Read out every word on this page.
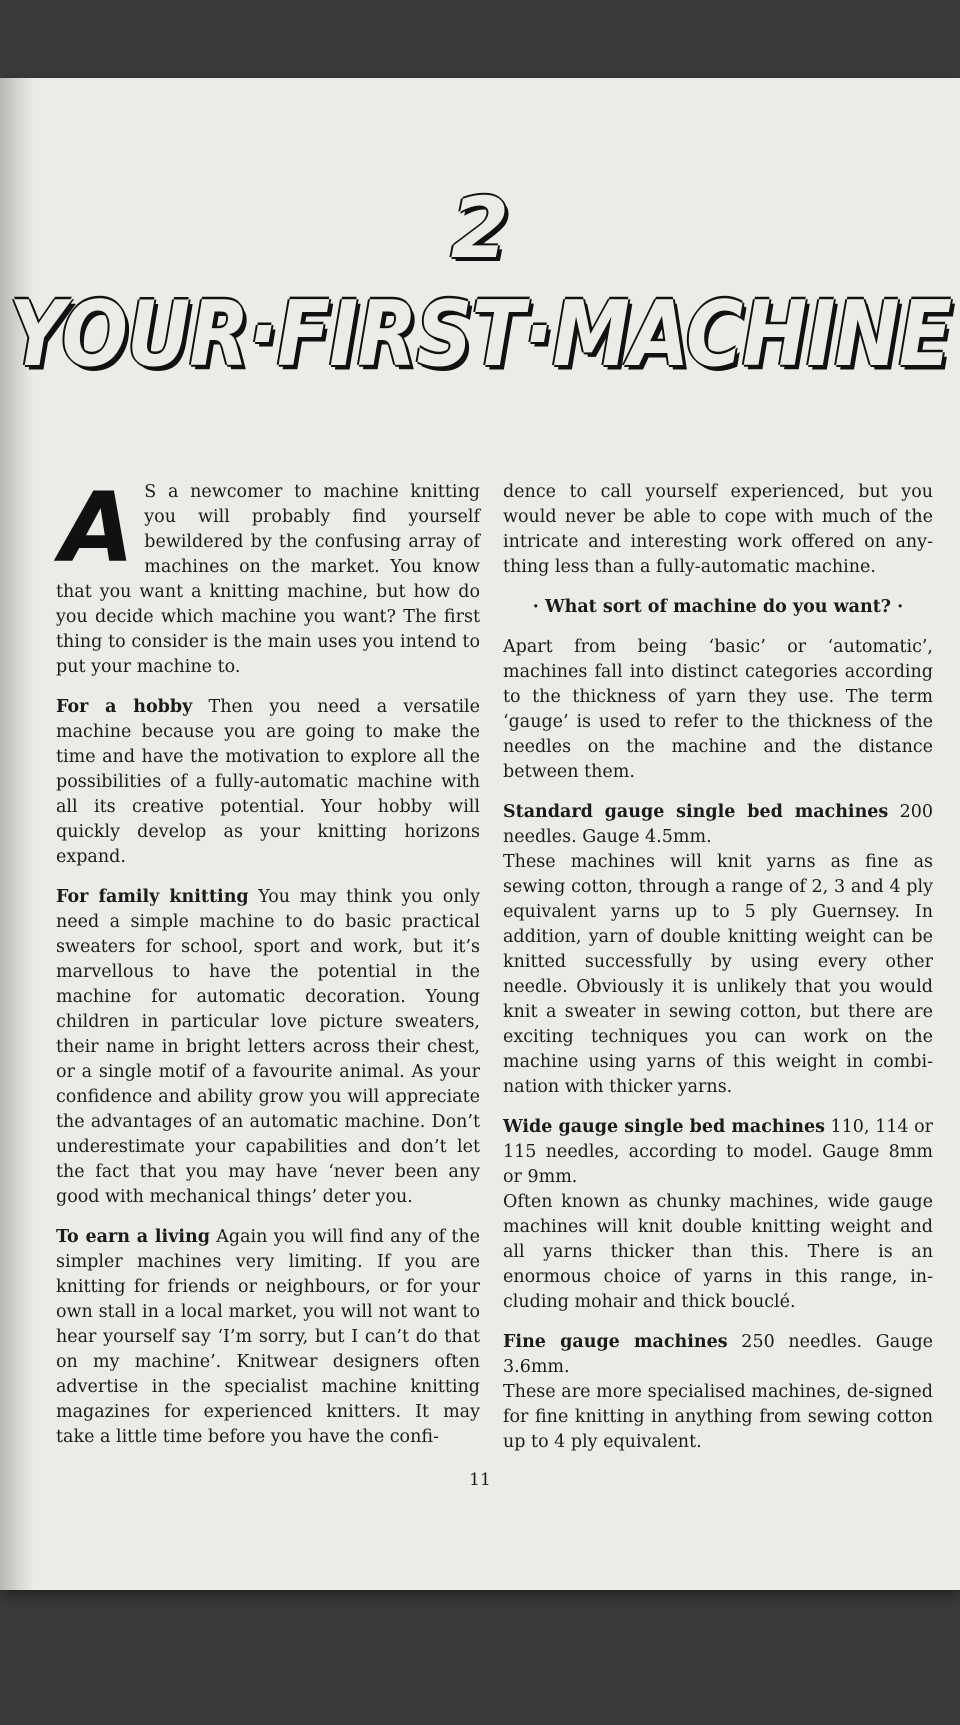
2
YOUR·FIRST·MACHINE

A S a newcomer to machine knitting you will probably find yourself bewildered by the confusing array of machines on the market. You know that you want a knitting machine, but how do you decide which machine you want? The first thing to consider is the main uses you intend to put your machine to.

For a hobby Then you need a versatile machine because you are going to make the time and have the motivation to explore all the possibilities of a fully-automatic machine with all its creative potential. Your hobby will quickly develop as your knitting horizons expand.

For family knitting You may think you only need a simple machine to do basic practical sweaters for school, sport and work, but it’s marvellous to have the potential in the machine for automatic decoration. Young children in particular love picture sweaters, their name in bright letters across their chest, or a single motif of a favourite animal. As your confidence and ability grow you will appreciate the advantages of an automatic machine. Don’t underestimate your capabilities and don’t let the fact that you may have ‘never been any good with mechanical things’ deter you.

To earn a living Again you will find any of the simpler machines very limiting. If you are knitting for friends or neighbours, or for your own stall in a local market, you will not want to hear yourself say ‘I’m sorry, but I can’t do that on my machine’. Knitwear designers often advertise in the specialist machine knitting magazines for experienced knitters. It may take a little time before you have the confi-

dence to call yourself experienced, but you would never be able to cope with much of the intricate and interesting work offered on any-thing less than a fully-automatic machine.

· What sort of machine do you want? ·

Apart from being ‘basic’ or ‘automatic’, machines fall into distinct categories according to the thickness of yarn they use. The term ‘gauge’ is used to refer to the thickness of the needles on the machine and the distance between them.

Standard gauge single bed machines 200 needles. Gauge 4.5mm.
These machines will knit yarns as fine as sewing cotton, through a range of 2, 3 and 4 ply equivalent yarns up to 5 ply Guernsey. In addition, yarn of double knitting weight can be knitted successfully by using every other needle. Obviously it is unlikely that you would knit a sweater in sewing cotton, but there are exciting techniques you can work on the machine using yarns of this weight in combi-nation with thicker yarns.

Wide gauge single bed machines 110, 114 or 115 needles, according to model. Gauge 8mm or 9mm.
Often known as chunky machines, wide gauge machines will knit double knitting weight and all yarns thicker than this. There is an enormous choice of yarns in this range, in-cluding mohair and thick bouclé.

Fine gauge machines 250 needles. Gauge 3.6mm.
These are more specialised machines, de-signed for fine knitting in anything from sewing cotton up to 4 ply equivalent.

11
